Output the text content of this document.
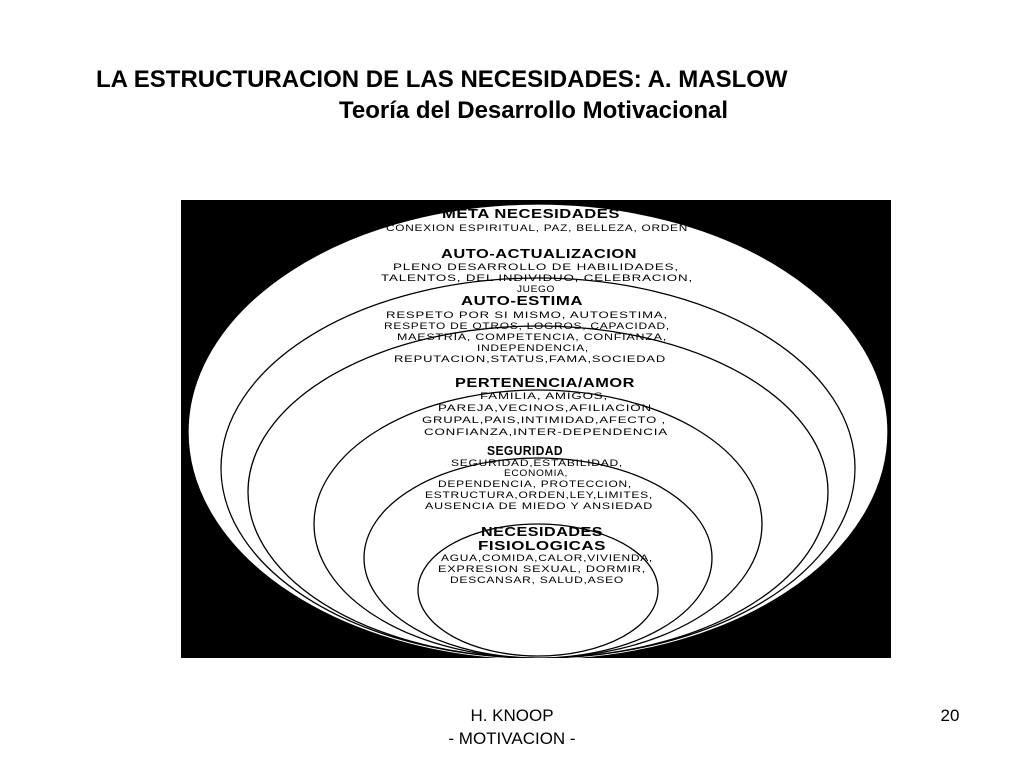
LA ESTRUCTURACION DE LAS NECESIDADES: A. MASLOW
Teoría del Desarrollo Motivacional
META NECESIDADES
CONEXION ESPIRITUAL, PAZ, BELLEZA, ORDEN
AUTO-ACTUALIZACION
PLENO DESARROLLO DE HABILIDADES,
TALENTOS, DEL INDIVIDUO, CELEBRACION,
JUEGO
AUTO-ESTIMA
RESPETO POR SI MISMO, AUTOESTIMA,
RESPETO DE OTROS, LOGROS, CAPACIDAD,
MAESTRIA, COMPETENCIA, CONFIANZA,
INDEPENDENCIA,
REPUTACION,STATUS,FAMA,SOCIEDAD
PERTENENCIA/AMOR
FAMILIA, AMIGOS,
PAREJA,VECINOS,AFILIACION
GRUPAL,PAIS,INTIMIDAD,AFECTO ,
CONFIANZA,INTER-DEPENDENCIA
SEGURIDAD
SEGURIDAD,ESTABILIDAD,
ECONOMIA,
DEPENDENCIA, PROTECCION,
ESTRUCTURA,ORDEN,LEY,LIMITES,
AUSENCIA DE MIEDO Y ANSIEDAD
NECESIDADES
FISIOLOGICAS
AGUA,COMIDA,CALOR,VIVIENDA,
EXPRESION SEXUAL, DORMIR,
DESCANSAR, SALUD,ASEO
H. KNOOP
- MOTIVACION -
20
